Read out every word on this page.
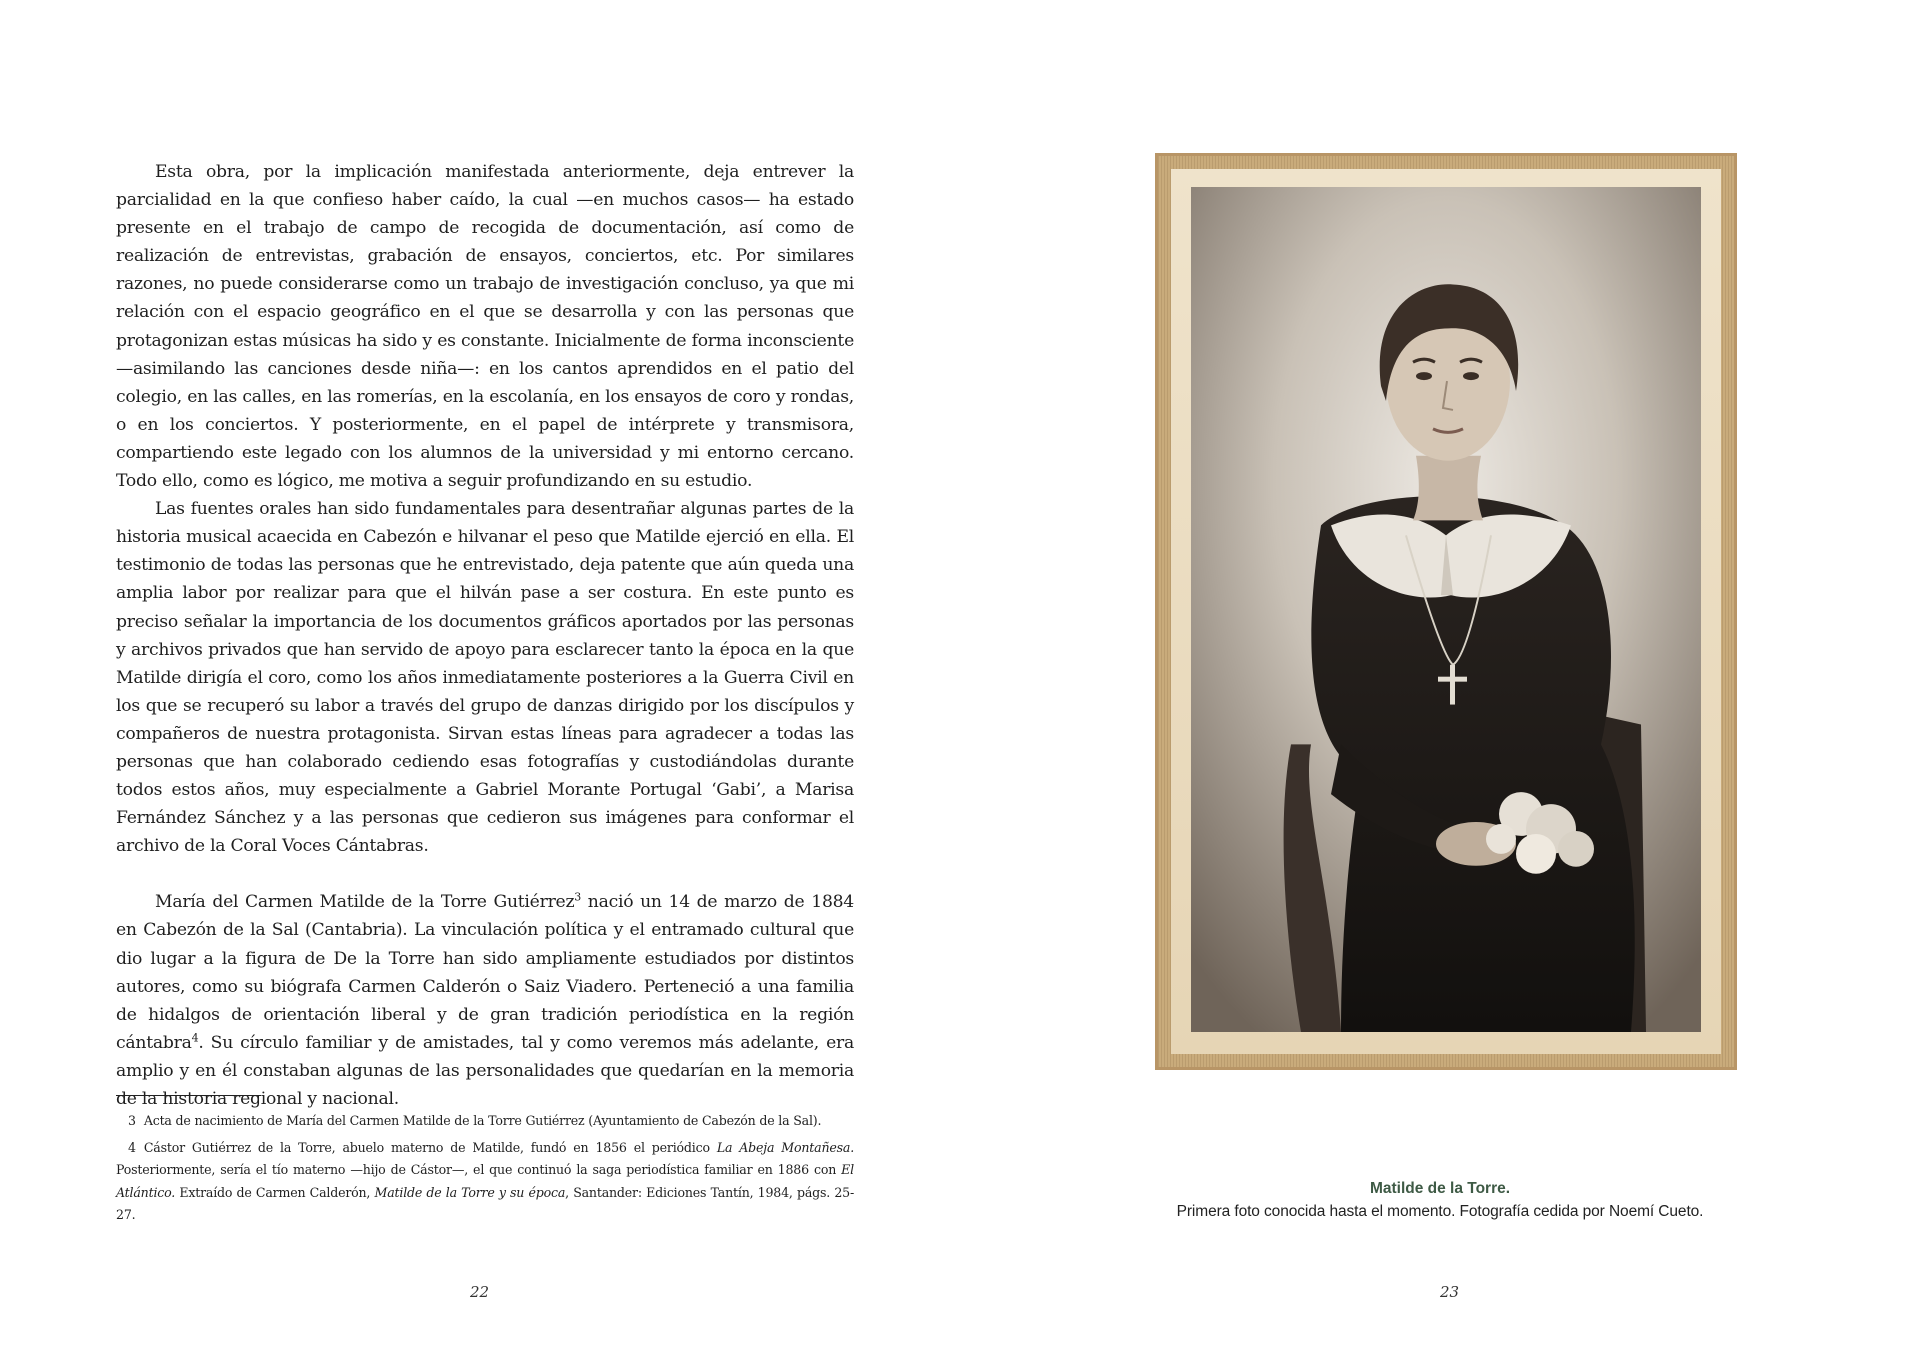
Esta obra, por la implicación manifestada anteriormente, deja entrever la parcialidad en la que confieso haber caído, la cual —en muchos casos— ha estado presente en el trabajo de campo de recogida de documentación, así como de realización de entrevistas, grabación de ensayos, conciertos, etc. Por similares razones, no puede considerarse como un trabajo de investigación concluso, ya que mi relación con el espacio geográfico en el que se desarrolla y con las personas que protagonizan estas músicas ha sido y es constante. Inicialmente de forma inconsciente —asimilando las canciones desde niña—: en los cantos aprendidos en el patio del colegio, en las calles, en las romerías, en la escolanía, en los ensayos de coro y rondas, o en los conciertos. Y posteriormente, en el papel de intérprete y transmisora, compartiendo este legado con los alumnos de la universidad y mi entorno cercano. Todo ello, como es lógico, me motiva a seguir profundizando en su estudio.

Las fuentes orales han sido fundamentales para desentrañar algunas partes de la historia musical acaecida en Cabezón e hilvanar el peso que Matilde ejerció en ella. El testimonio de todas las personas que he entrevistado, deja patente que aún queda una amplia labor por realizar para que el hilván pase a ser costura. En este punto es preciso señalar la importancia de los documentos gráficos aportados por las personas y archivos privados que han servido de apoyo para esclarecer tanto la época en la que Matilde dirigía el coro, como los años inmediatamente posteriores a la Guerra Civil en los que se recuperó su labor a través del grupo de danzas dirigido por los discípulos y compañeros de nuestra protagonista. Sirvan estas líneas para agradecer a todas las personas que han colaborado cediendo esas fotografías y custodiándolas durante todos estos años, muy especialmente a Gabriel Morante Portugal ‘Gabi’, a Marisa Fernández Sánchez y a las personas que cedieron sus imágenes para conformar el archivo de la Coral Voces Cántabras.

María del Carmen Matilde de la Torre Gutiérrez$^3$ nació un 14 de marzo de 1884 en Cabezón de la Sal (Cantabria). La vinculación política y el entramado cultural que dio lugar a la figura de De la Torre han sido ampliamente estudiados por distintos autores, como su biógrafa Carmen Calderón o Saiz Viadero. Perteneció a una familia de hidalgos de orientación liberal y de gran tradición periodística en la región cántabra$^4$. Su círculo familiar y de amistades, tal y como veremos más adelante, era amplio y en él constaban algunas de las personalidades que quedarían en la memoria de la historia regional y nacional.

3 Acta de nacimiento de María del Carmen Matilde de la Torre Gutiérrez (Ayuntamiento de Cabezón de la Sal).

4 Cástor Gutiérrez de la Torre, abuelo materno de Matilde, fundó en 1856 el periódico La Abeja Montañesa. Posteriormente, sería el tío materno —hijo de Cástor—, el que continuó la saga periodística familiar en 1886 con El Atlántico. Extraído de Carmen Calderón, Matilde de la Torre y su época, Santander: Ediciones Tantín, 1984, págs. 25-27.

22
Matilde de la Torre.
Primera foto conocida hasta el momento. Fotografía cedida por Noemí Cueto.
23
